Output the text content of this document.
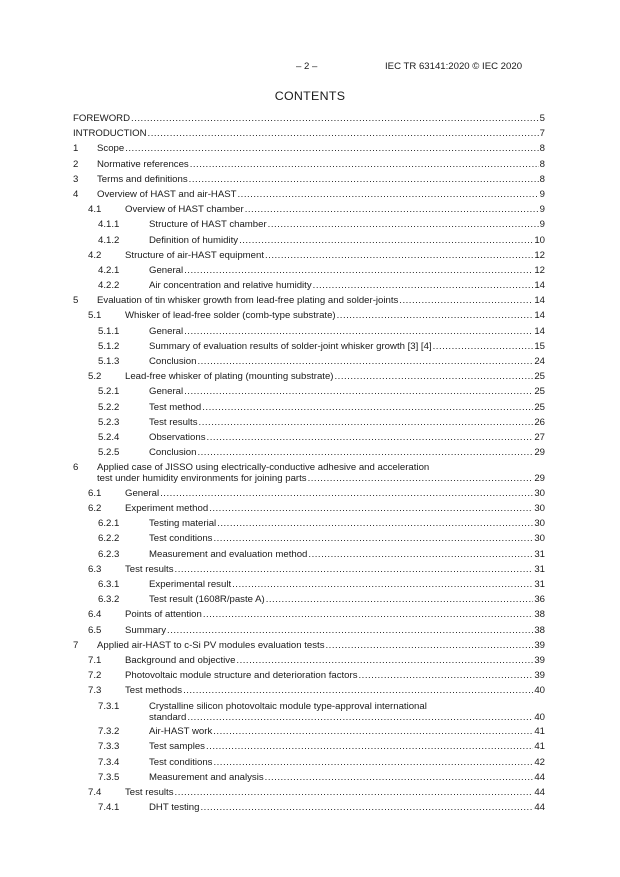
– 2 –	IEC TR 63141:2020 © IEC 2020
CONTENTS
FOREWORD .....	5
INTRODUCTION .....	7
1 Scope .....	8
2 Normative references .....	8
3 Terms and definitions .....	8
4 Overview of HAST and air-HAST .....	9
4.1 Overview of HAST chamber .....	9
4.1.1	Structure of HAST chamber .....	9
4.1.2	Definition of humidity .....	10
4.2 Structure of air-HAST equipment .....	12
4.2.1	General .....	12
4.2.2	Air concentration and relative humidity .....	14
5 Evaluation of tin whisker growth from lead-free plating and solder-joints .....	14
5.1 Whisker of lead-free solder (comb-type substrate) .....	14
5.1.1	General .....	14
5.1.2	Summary of evaluation results of solder-joint whisker growth [3] [4] .....	15
5.1.3	Conclusion .....	24
5.2 Lead-free whisker of plating (mounting substrate) .....	25
5.2.1	General .....	25
5.2.2	Test method .....	25
5.2.3	Test results .....	26
5.2.4	Observations .....	27
5.2.5	Conclusion .....	29
6 Applied case of JISSO using electrically-conductive adhesive and acceleration
test under humidity environments for joining parts .....	29
6.1 General .....	30
6.2 Experiment method .....	30
6.2.1	Testing material .....	30
6.2.2	Test conditions .....	30
6.2.3	Measurement and evaluation method .....	31
6.3 Test results .....	31
6.3.1	Experimental result .....	31
6.3.2	Test result (1608R/paste A) .....	36
6.4 Points of attention .....	38
6.5 Summary .....	38
7 Applied air-HAST to c-Si PV modules evaluation tests .....	39
7.1 Background and objective .....	39
7.2 Photovoltaic module structure and deterioration factors .....	39
7.3 Test methods .....	40
7.3.1	Crystalline silicon photovoltaic module type-approval international
standard .....	40
7.3.2	Air-HAST work .....	41
7.3.3	Test samples .....	41
7.3.4	Test conditions .....	42
7.3.5	Measurement and analysis .....	44
7.4 Test results .....	44
7.4.1	DHT testing .....	44
